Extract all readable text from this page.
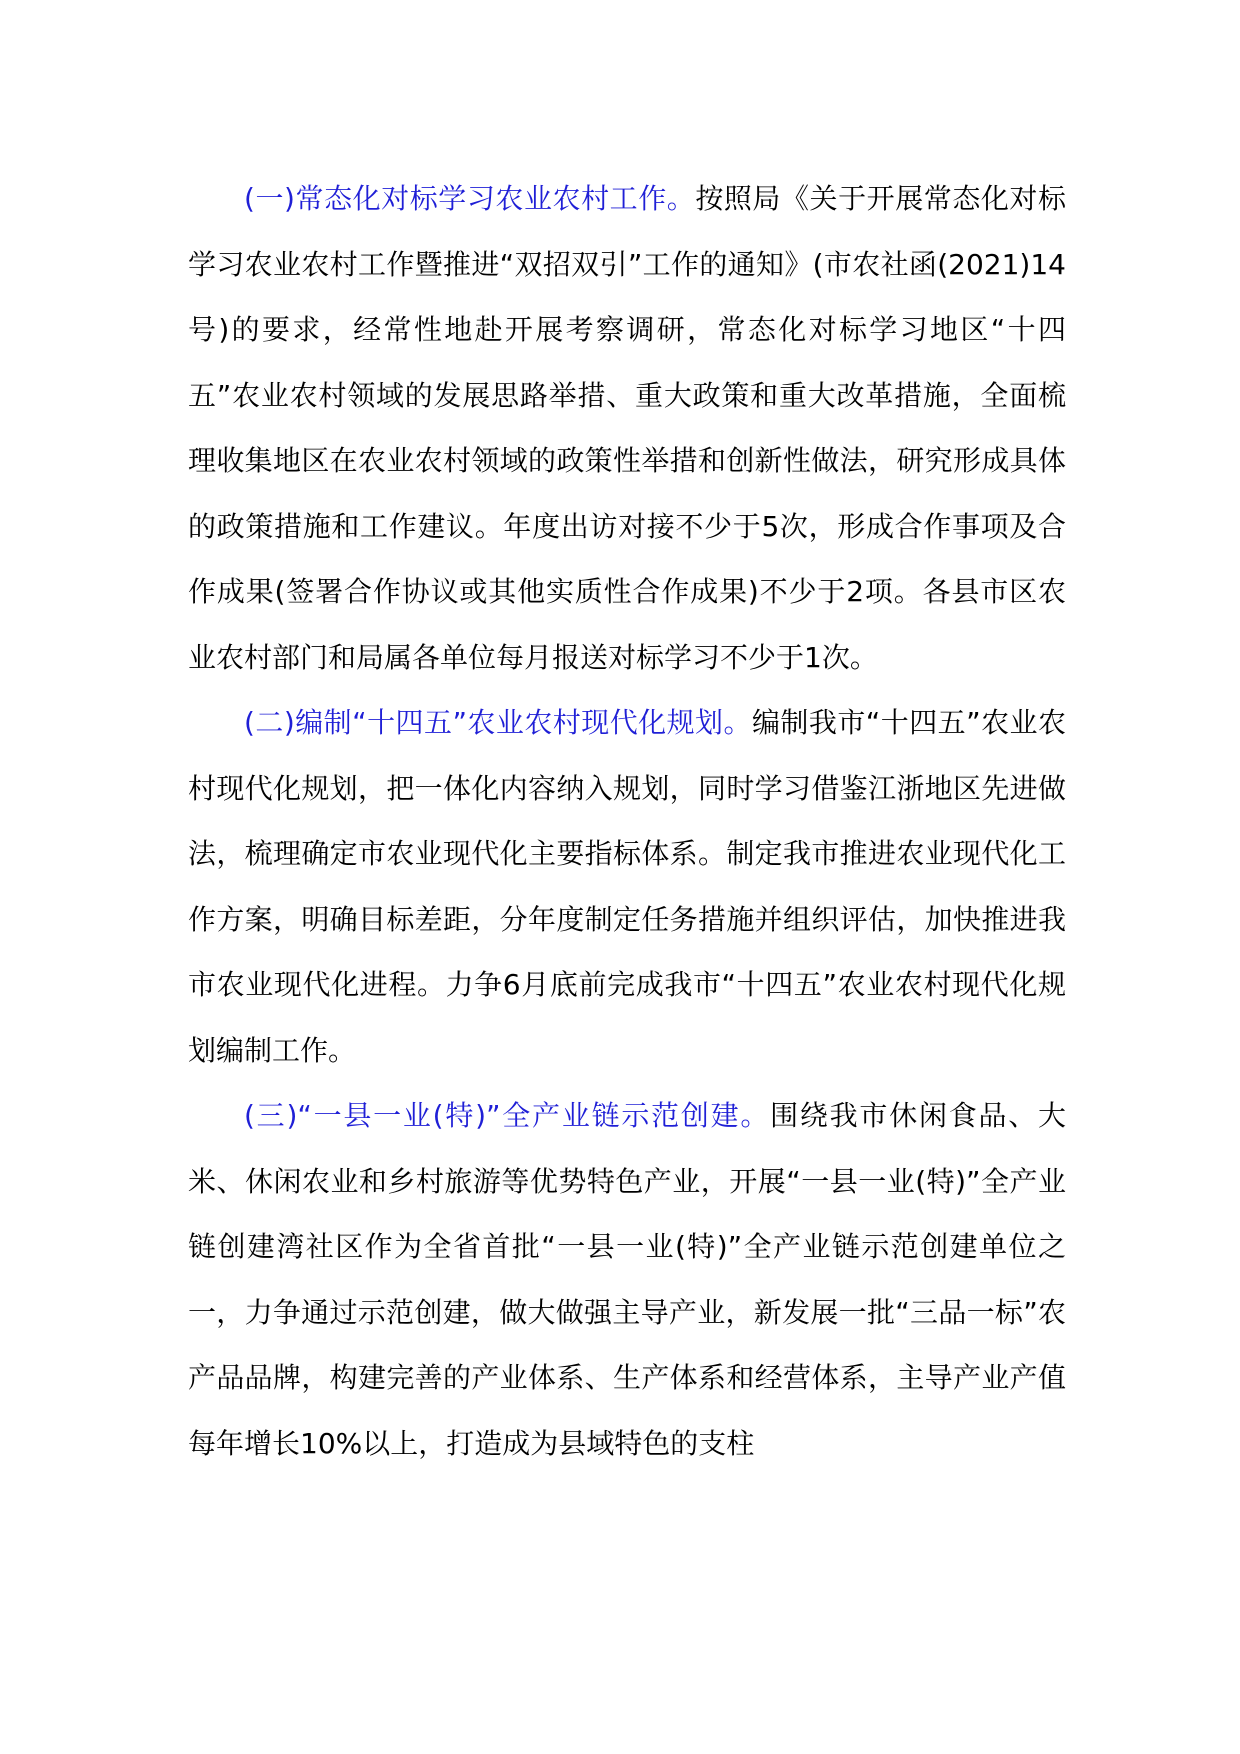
(一)常态化对标学习农业农村工作。按照局《关于开展常态化对标学习农业农村工作暨推进“双招双引”工作的通知》(市农社函(2021)14号)的要求，经常性地赴开展考察调研，常态化对标学习地区“十四五”农业农村领域的发展思路举措、重大政策和重大改革措施，全面梳理收集地区在农业农村领域的政策性举措和创新性做法，研究形成具体的政策措施和工作建议。年度出访对接不少于5次，形成合作事项及合作成果(签署合作协议或其他实质性合作成果)不少于2项。各县市区农业农村部门和局属各单位每月报送对标学习不少于1次。

(二)编制“十四五”农业农村现代化规划。编制我市“十四五”农业农村现代化规划，把一体化内容纳入规划，同时学习借鉴江浙地区先进做法，梳理确定市农业现代化主要指标体系。制定我市推进农业现代化工作方案，明确目标差距，分年度制定任务措施并组织评估，加快推进我市农业现代化进程。力争6月底前完成我市“十四五”农业农村现代化规划编制工作。

(三)“一县一业(特)”全产业链示范创建。围绕我市休闲食品、大米、休闲农业和乡村旅游等优势特色产业，开展“一县一业(特)”全产业链创建湾社区作为全省首批“一县一业(特)”全产业链示范创建单位之一，力争通过示范创建，做大做强主导产业，新发展一批“三品一标”农产品品牌，构建完善的产业体系、生产体系和经营体系，主导产业产值每年增长10%以上，打造成为县域特色的支柱
